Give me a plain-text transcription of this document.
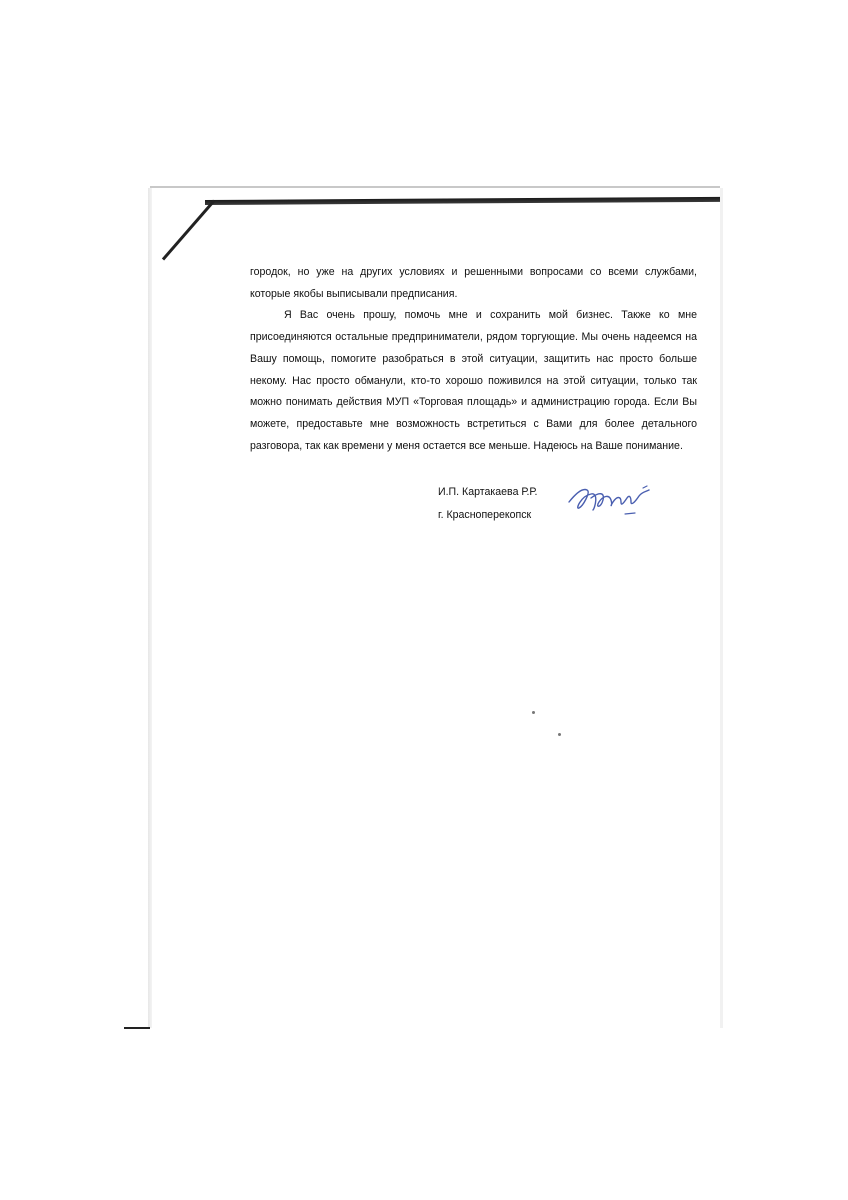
городок, но уже на других условиях и решенными вопросами со всеми службами, которые якобы выписывали предписания.

Я Вас очень прошу, помочь мне и сохранить мой бизнес. Также ко мне присоединяются остальные предприниматели, рядом торгующие. Мы очень надеемся на Вашу помощь, помогите разобраться в этой ситуации, защитить нас просто больше некому. Нас просто обманули, кто-то хорошо поживился на этой ситуации, только так можно понимать действия МУП «Торговая площадь» и администрацию города. Если Вы можете, предоставьте мне возможность встретиться с Вами для более детального разговора, так как времени у меня остается все меньше. Надеюсь на Ваше понимание.

И.П. Картакаева Р.Р.
г. Красноперекопск
